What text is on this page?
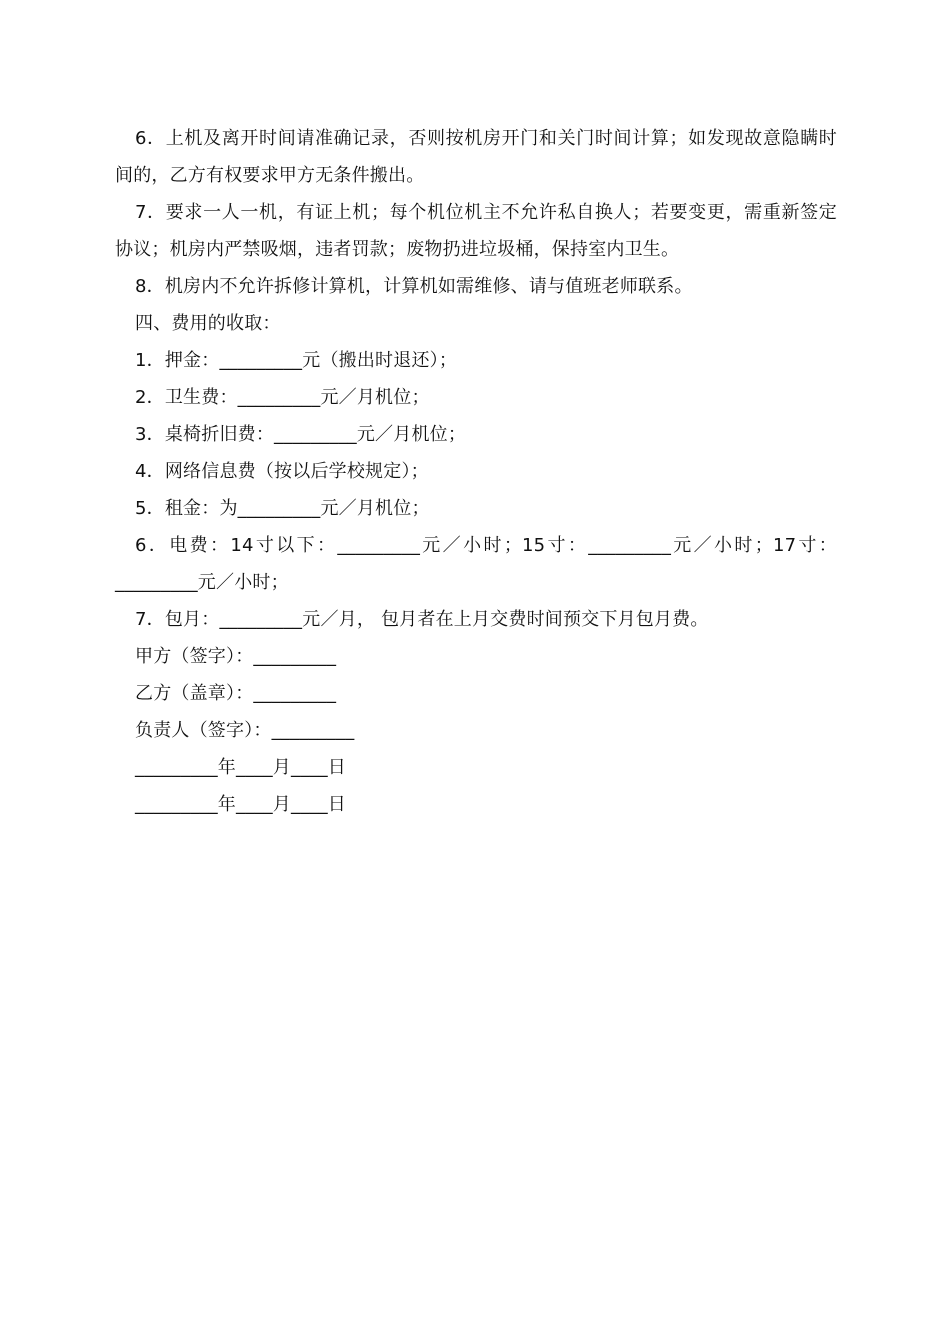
6．上机及离开时间请准确记录，否则按机房开门和关门时间计算；如发现故意隐瞒时间的，乙方有权要求甲方无条件搬出。

7．要求一人一机，有证上机；每个机位机主不允许私自换人；若要变更，需重新签定协议；机房内严禁吸烟，违者罚款；废物扔进垃圾桶，保持室内卫生。

8．机房内不允许拆修计算机，计算机如需维修、请与值班老师联系。

四、费用的收取：

1．押金：_________元（搬出时退还）；

2．卫生费：_________元／月机位；

3．桌椅折旧费：_________元／月机位；

4．网络信息费（按以后学校规定）；

5．租金：为_________元／月机位；

6．电费：14寸以下：_________元／小时；15寸：_________元／小时；17寸：_________元／小时；

7．包月：_________元／月， 包月者在上月交费时间预交下月包月费。

甲方（签字）：_________

乙方（盖章）：_________

负责人（签字）：_________

_________年____月____日

_________年____月____日
